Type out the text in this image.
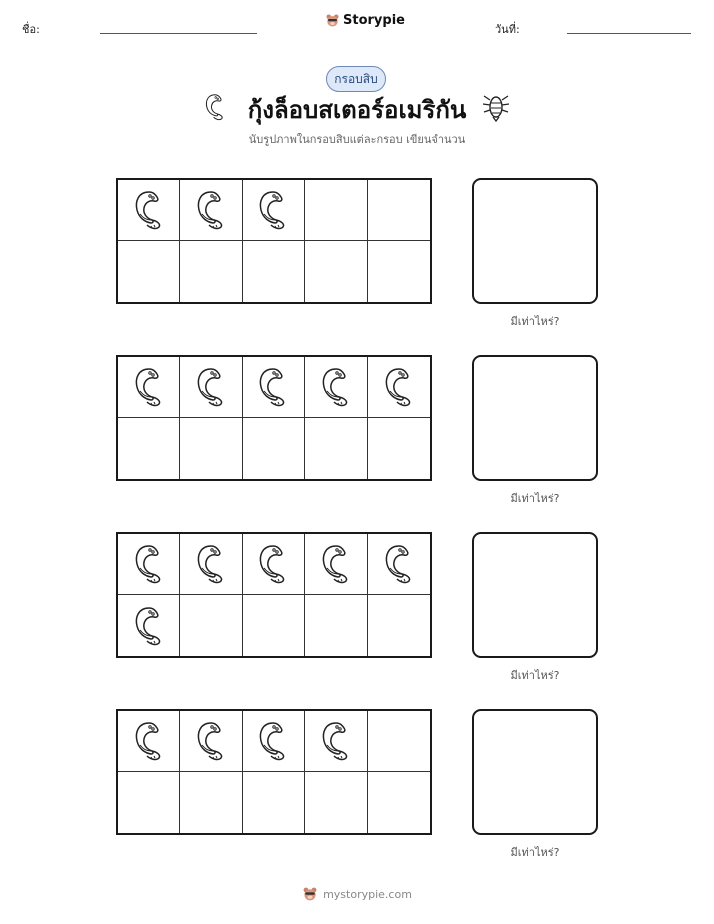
ชื่อ:
Storypie
วันที่:
กรอบสิบ
กุ้งล็อบสเตอร์อเมริกัน
นับรูปภาพในกรอบสิบแต่ละกรอบ เขียนจำนวน
มีเท่าไหร่?
มีเท่าไหร่?
มีเท่าไหร่?
มีเท่าไหร่?
mystorypie.com
